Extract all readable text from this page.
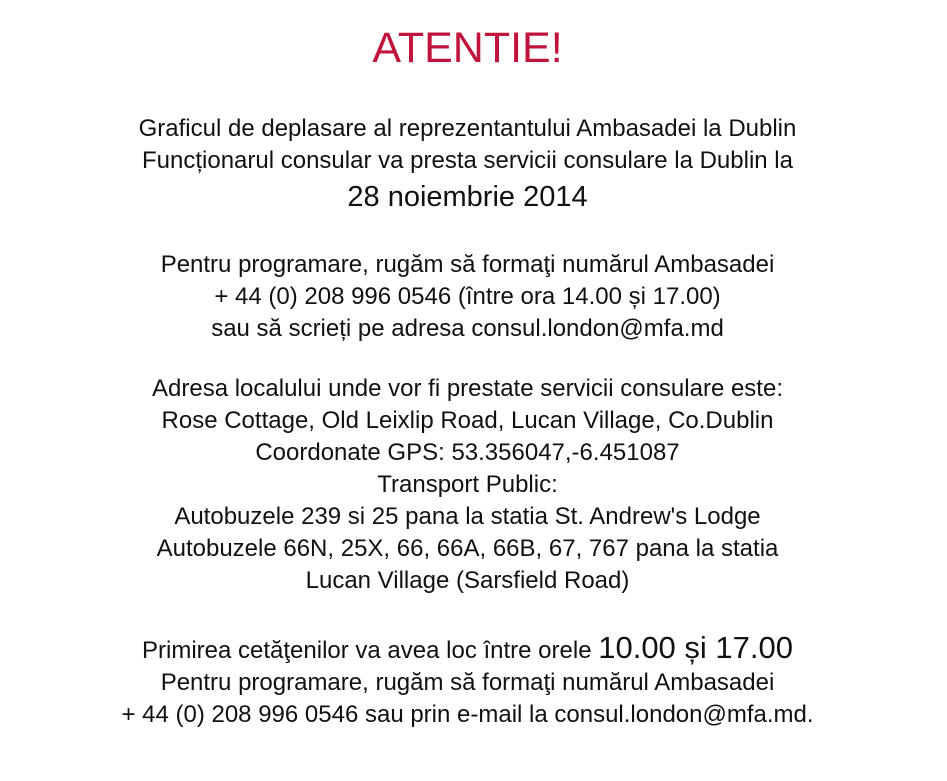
ATENTIE!
Graficul de deplasare al reprezentantului Ambasadei la Dublin
Funcționarul consular va presta servicii consulare la Dublin la
28 noiembrie 2014
Pentru programare, rugăm să formaţi numărul Ambasadei
+ 44 (0) 208 996 0546 (între ora 14.00 și 17.00)
sau să scrieți pe adresa consul.london@mfa.md
Adresa localului unde vor fi prestate servicii consulare este:
Rose Cottage, Old Leixlip Road, Lucan Village, Co.Dublin
Coordonate GPS: 53.356047,-6.451087
Transport Public:
Autobuzele 239 si 25 pana la statia St. Andrew's Lodge
Autobuzele 66N, 25X, 66, 66A, 66B, 67, 767 pana la statia
Lucan Village (Sarsfield Road)
Primirea cetăţenilor va avea loc între orele 10.00 și 17.00
Pentru programare, rugăm să formaţi numărul Ambasadei
+ 44 (0) 208 996 0546 sau prin e-mail la consul.london@mfa.md.
